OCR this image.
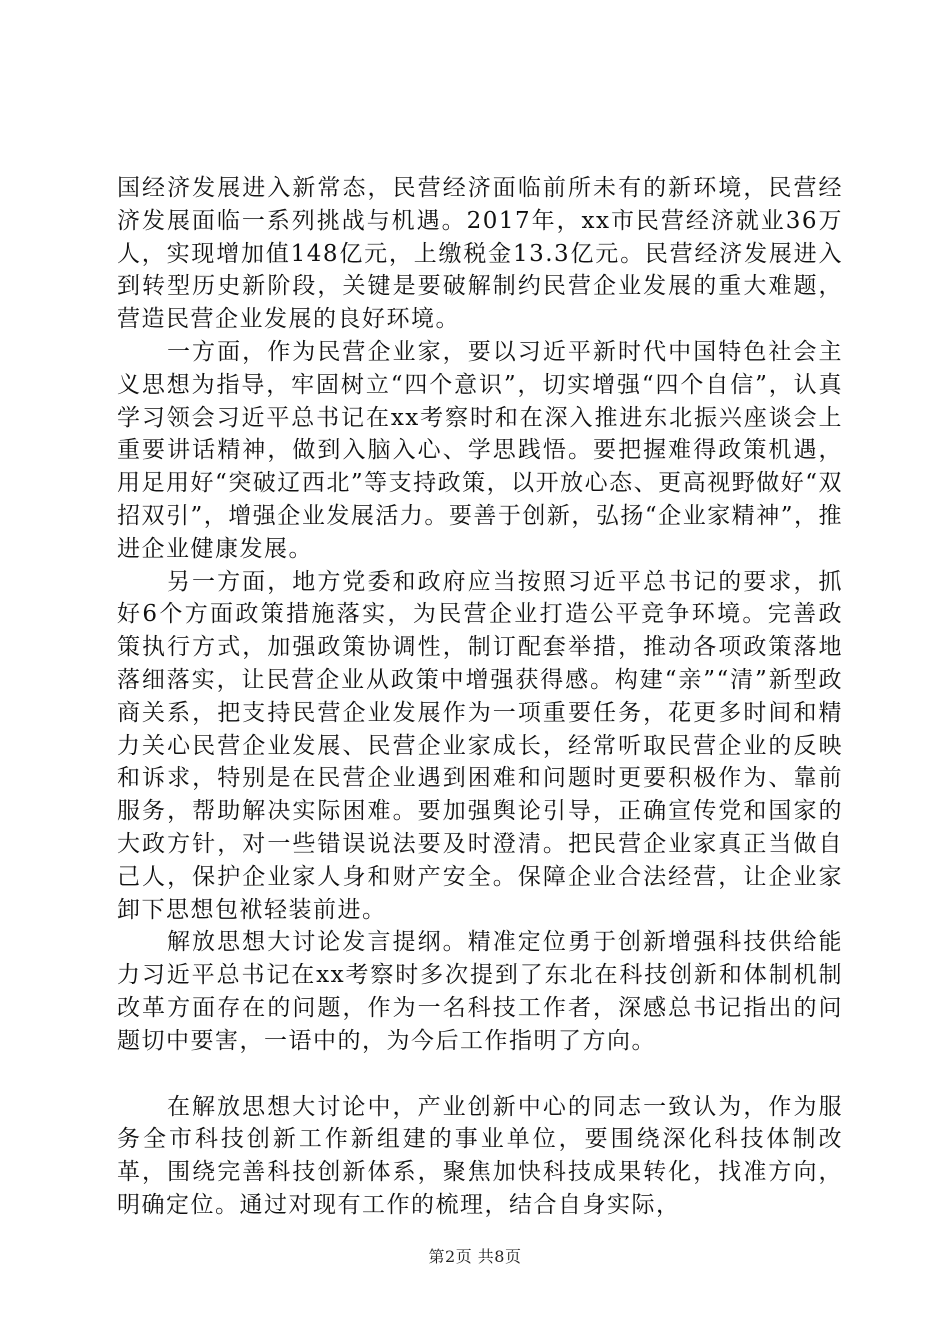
国经济发展进入新常态，民营经济面临前所未有的新环境，民营经济发展面临一系列挑战与机遇。2017年，xx市民营经济就业36万人，实现增加值148亿元，上缴税金13.3亿元。民营经济发展进入到转型历史新阶段，关键是要破解制约民营企业发展的重大难题，营造民营企业发展的良好环境。

一方面，作为民营企业家，要以习近平新时代中国特色社会主义思想为指导，牢固树立“四个意识”，切实增强“四个自信”，认真学习领会习近平总书记在xx考察时和在深入推进东北振兴座谈会上重要讲话精神，做到入脑入心、学思践悟。要把握难得政策机遇，用足用好“突破辽西北”等支持政策，以开放心态、更高视野做好“双招双引”，增强企业发展活力。要善于创新，弘扬“企业家精神”，推进企业健康发展。

另一方面，地方党委和政府应当按照习近平总书记的要求，抓好6个方面政策措施落实，为民营企业打造公平竞争环境。完善政策执行方式，加强政策协调性，制订配套举措，推动各项政策落地落细落实，让民营企业从政策中增强获得感。构建“亲”“清”新型政商关系，把支持民营企业发展作为一项重要任务，花更多时间和精力关心民营企业发展、民营企业家成长，经常听取民营企业的反映和诉求，特别是在民营企业遇到困难和问题时更要积极作为、靠前服务，帮助解决实际困难。要加强舆论引导，正确宣传党和国家的大政方针，对一些错误说法要及时澄清。把民营企业家真正当做自己人，保护企业家人身和财产安全。保障企业合法经营，让企业家卸下思想包袱轻装前进。

解放思想大讨论发言提纲。精准定位勇于创新增强科技供给能力习近平总书记在xx考察时多次提到了东北在科技创新和体制机制改革方面存在的问题，作为一名科技工作者，深感总书记指出的问题切中要害，一语中的，为今后工作指明了方向。

在解放思想大讨论中，产业创新中心的同志一致认为，作为服务全市科技创新工作新组建的事业单位，要围绕深化科技体制改革，围绕完善科技创新体系，聚焦加快科技成果转化，找准方向，明确定位。通过对现有工作的梳理，结合自身实际，

第2页 共8页
